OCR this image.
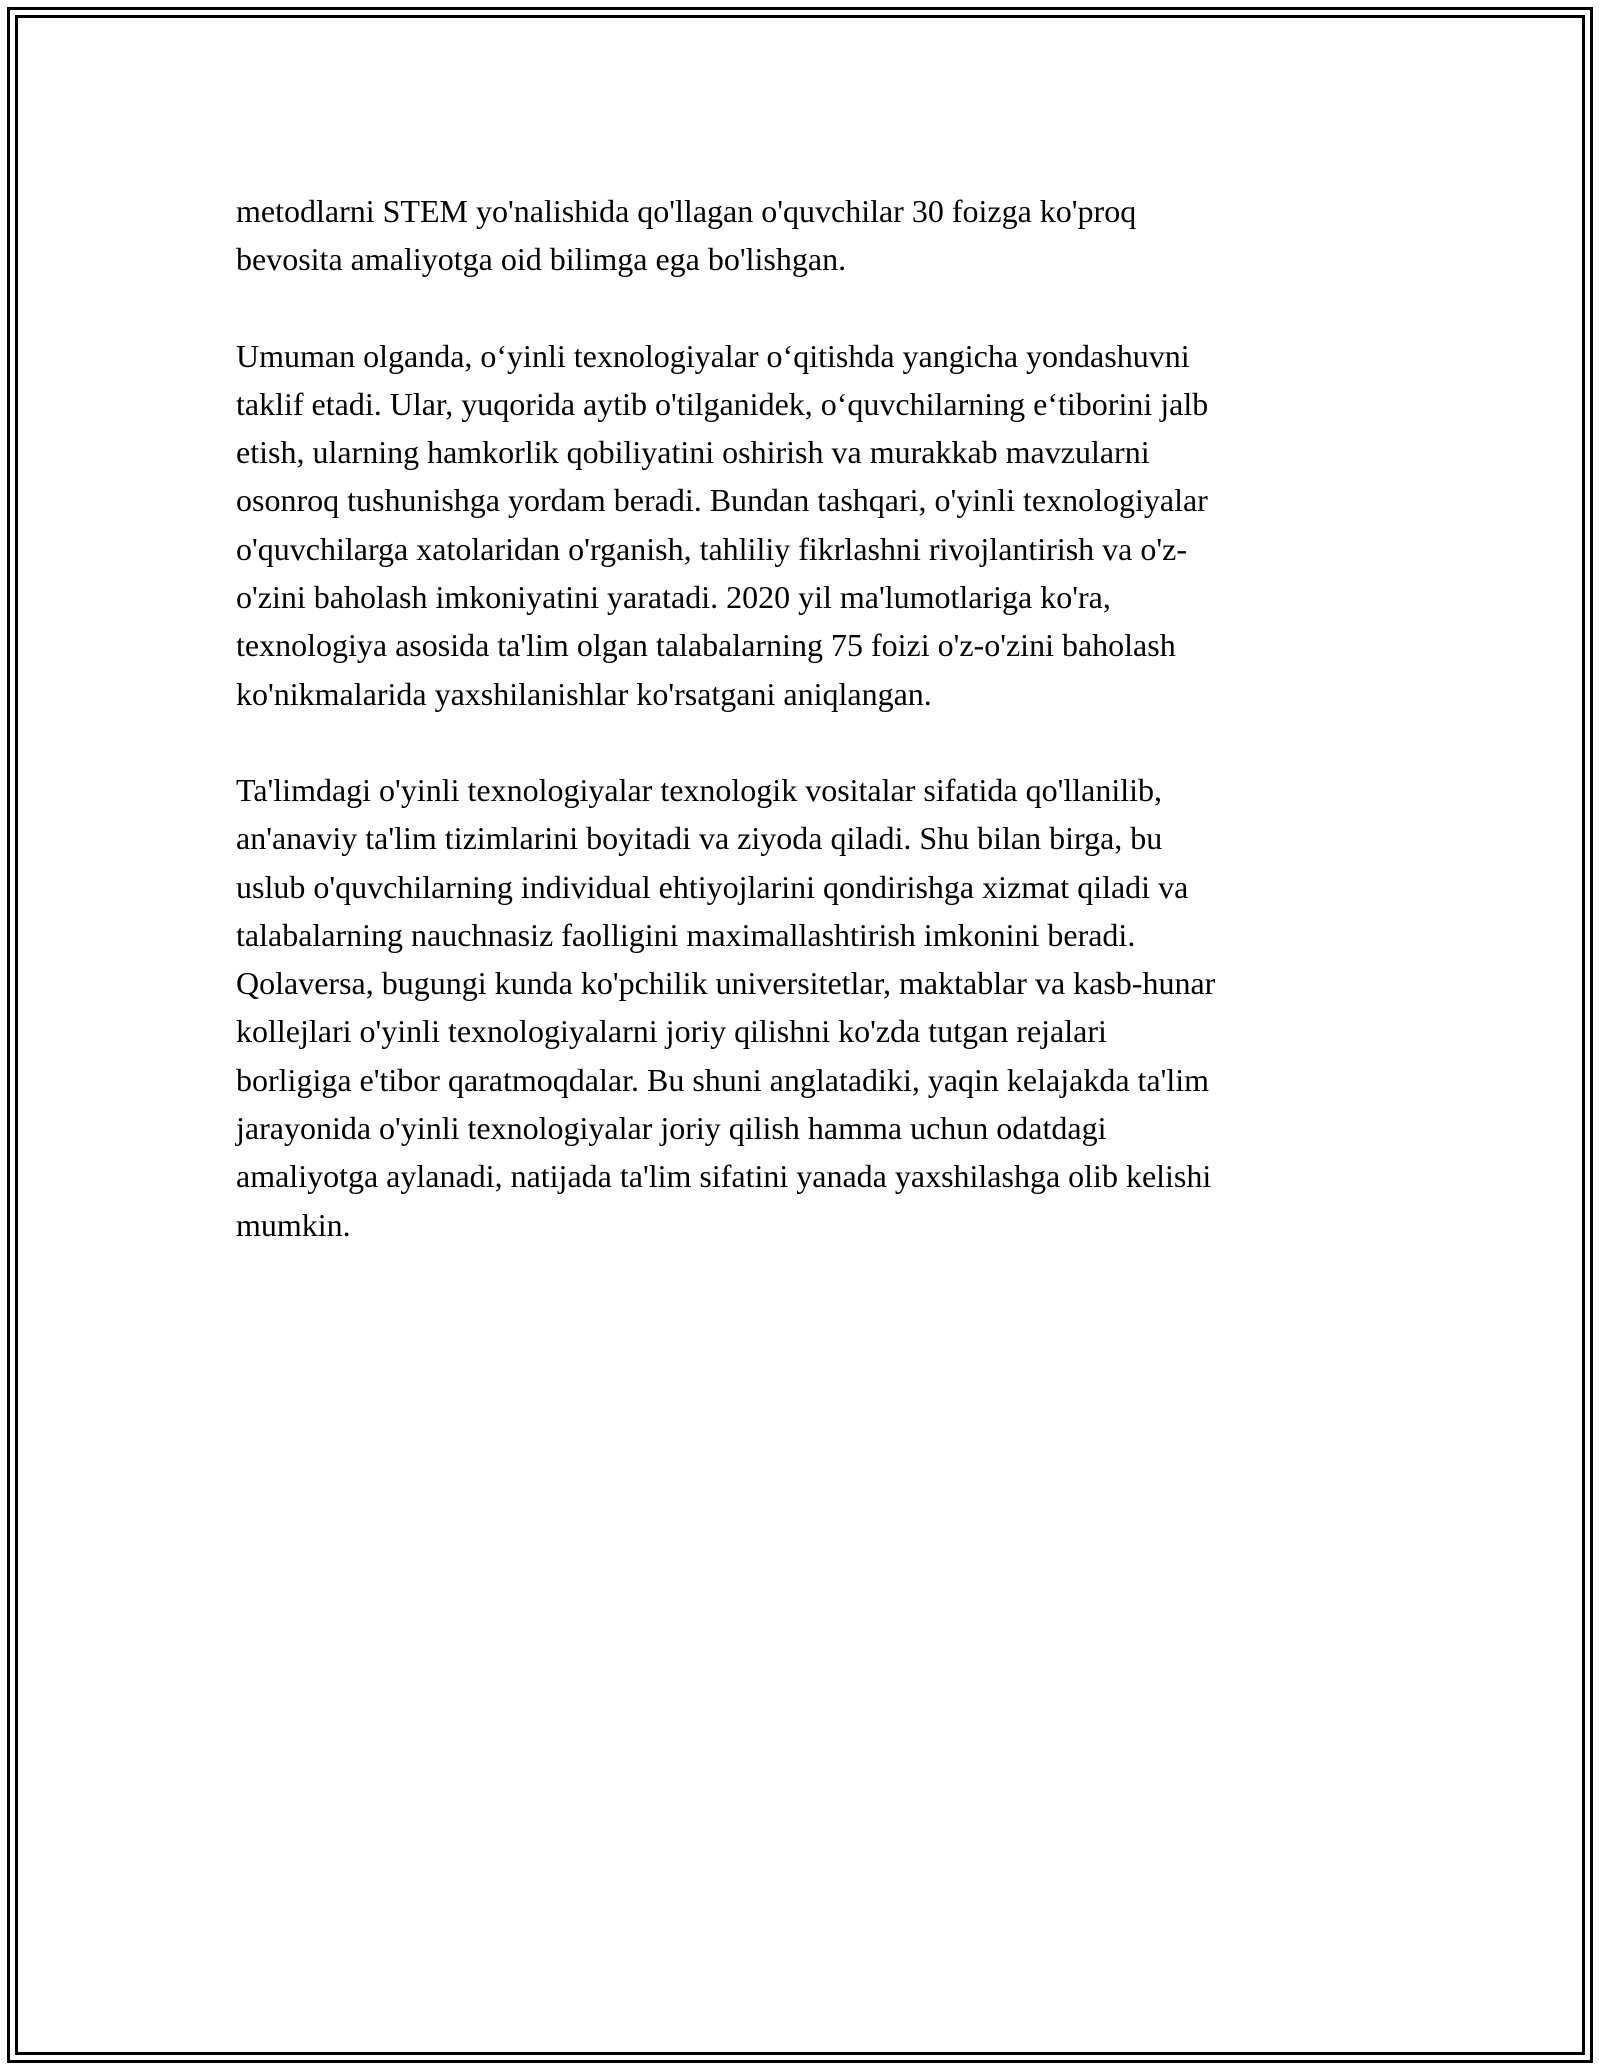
metodlarni STEM yo'nalishida qo'llagan o'quvchilar 30 foizga ko'proq
bevosita amaliyotga oid bilimga ega bo'lishgan.

Umuman olganda, o‘yinli texnologiyalar o‘qitishda yangicha yondashuvni
taklif etadi. Ular, yuqorida aytib o'tilganidek, o‘quvchilarning e‘tiborini jalb
etish, ularning hamkorlik qobiliyatini oshirish va murakkab mavzularni
osonroq tushunishga yordam beradi. Bundan tashqari, o'yinli texnologiyalar
o'quvchilarga xatolaridan o'rganish, tahliliy fikrlashni rivojlantirish va o'z-
o'zini baholash imkoniyatini yaratadi. 2020 yil ma'lumotlariga ko'ra,
texnologiya asosida ta'lim olgan talabalarning 75 foizi o'z-o'zini baholash
ko'nikmalarida yaxshilanishlar ko'rsatgani aniqlangan.

Ta'limdagi o'yinli texnologiyalar texnologik vositalar sifatida qo'llanilib,
an'anaviy ta'lim tizimlarini boyitadi va ziyoda qiladi. Shu bilan birga, bu
uslub o'quvchilarning individual ehtiyojlarini qondirishga xizmat qiladi va
talabalarning nauchnasiz faolligini maximallashtirish imkonini beradi.
Qolaversa, bugungi kunda ko'pchilik universitetlar, maktablar va kasb-hunar
kollejlari o'yinli texnologiyalarni joriy qilishni ko'zda tutgan rejalari
borligiga e'tibor qaratmoqdalar. Bu shuni anglatadiki, yaqin kelajakda ta'lim
jarayonida o'yinli texnologiyalar joriy qilish hamma uchun odatdagi
amaliyotga aylanadi, natijada ta'lim sifatini yanada yaxshilashga olib kelishi
mumkin.
